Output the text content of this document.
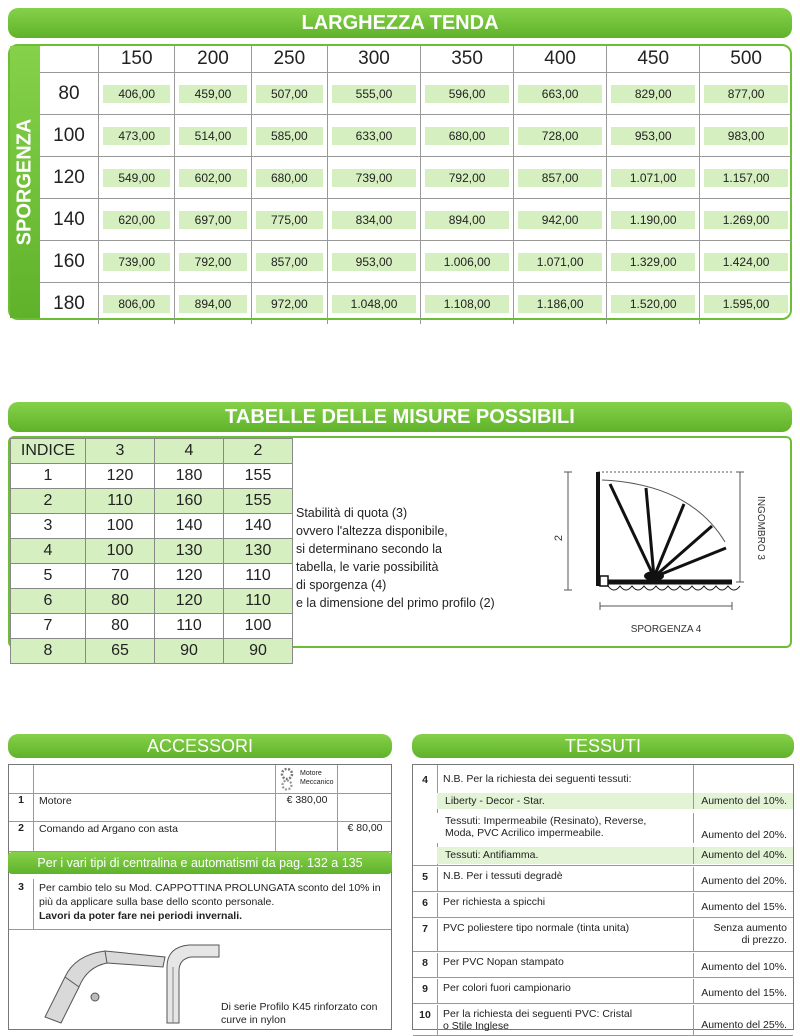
LARGHEZZA TENDA
SPORGENZA
	150	200	250	300	350	400	450	500
80	406,00	459,00	507,00	555,00	596,00	663,00	829,00	877,00

100	473,00	514,00	585,00	633,00	680,00	728,00	953,00	983,00

120	549,00	602,00	680,00	739,00	792,00	857,00	1.071,00	1.157,00

140	620,00	697,00	775,00	834,00	894,00	942,00	1.190,00	1.269,00

160	739,00	792,00	857,00	953,00	1.006,00	1.071,00	1.329,00	1.424,00

180	806,00	894,00	972,00	1.048,00	1.108,00	1.186,00	1.520,00	1.595,00
TABELLE DELLE MISURE POSSIBILI
INDICE	3	4	2
1	120	180	155
2	110	160	155
3	100	140	140
4	100	130	130
5	70	120	110
6	80	120	110
7	80	110	100
8	65	90	90
Stabilità di quota (3)
ovvero l'altezza disponibile,
si determinano secondo la
tabella, le varie possibilità
di sporgenza (4)
e la dimensione del primo profilo (2)
2	INGOMBRO 3
SPORGENZA 4
ACCESSORI
Motore
Meccanico
1	Motore	€ 380,00
2	Comando ad Argano con asta	€ 80,00
3	Per cambio telo su Mod. CAPPOTTINA PROLUNGATA sconto del 10% in
più da applicare sulla base dello sconto personale.
Lavori da poter fare nei periodi invernali.
Di serie Profilo K45 rinforzato con
curve in nylon
Per i vari tipi di centralina e automatismi da pag. 132 a 135
TESSUTI
4	N.B. Per la richiesta dei seguenti tessuti:
Liberty - Decor - Star.	Aumento del 10%.
Tessuti: Impermeabile (Resinato), Reverse,
Moda, PVC Acrilico impermeabile.	Aumento del 20%.
Tessuti: Antifiamma.	Aumento del 40%.
5	N.B. Per i tessuti degradè	Aumento del 20%.
6	Per richiesta a spicchi	Aumento del 15%.
7	PVC poliestere tipo normale (tinta unita)	Senza aumento
di prezzo.
8	Per PVC Nopan stampato	Aumento del 10%.
9	Per colori fuori campionario	Aumento del 15%.
10	Per la richiesta dei seguenti PVC: Cristal
o Stile Inglese	Aumento del 25%.
